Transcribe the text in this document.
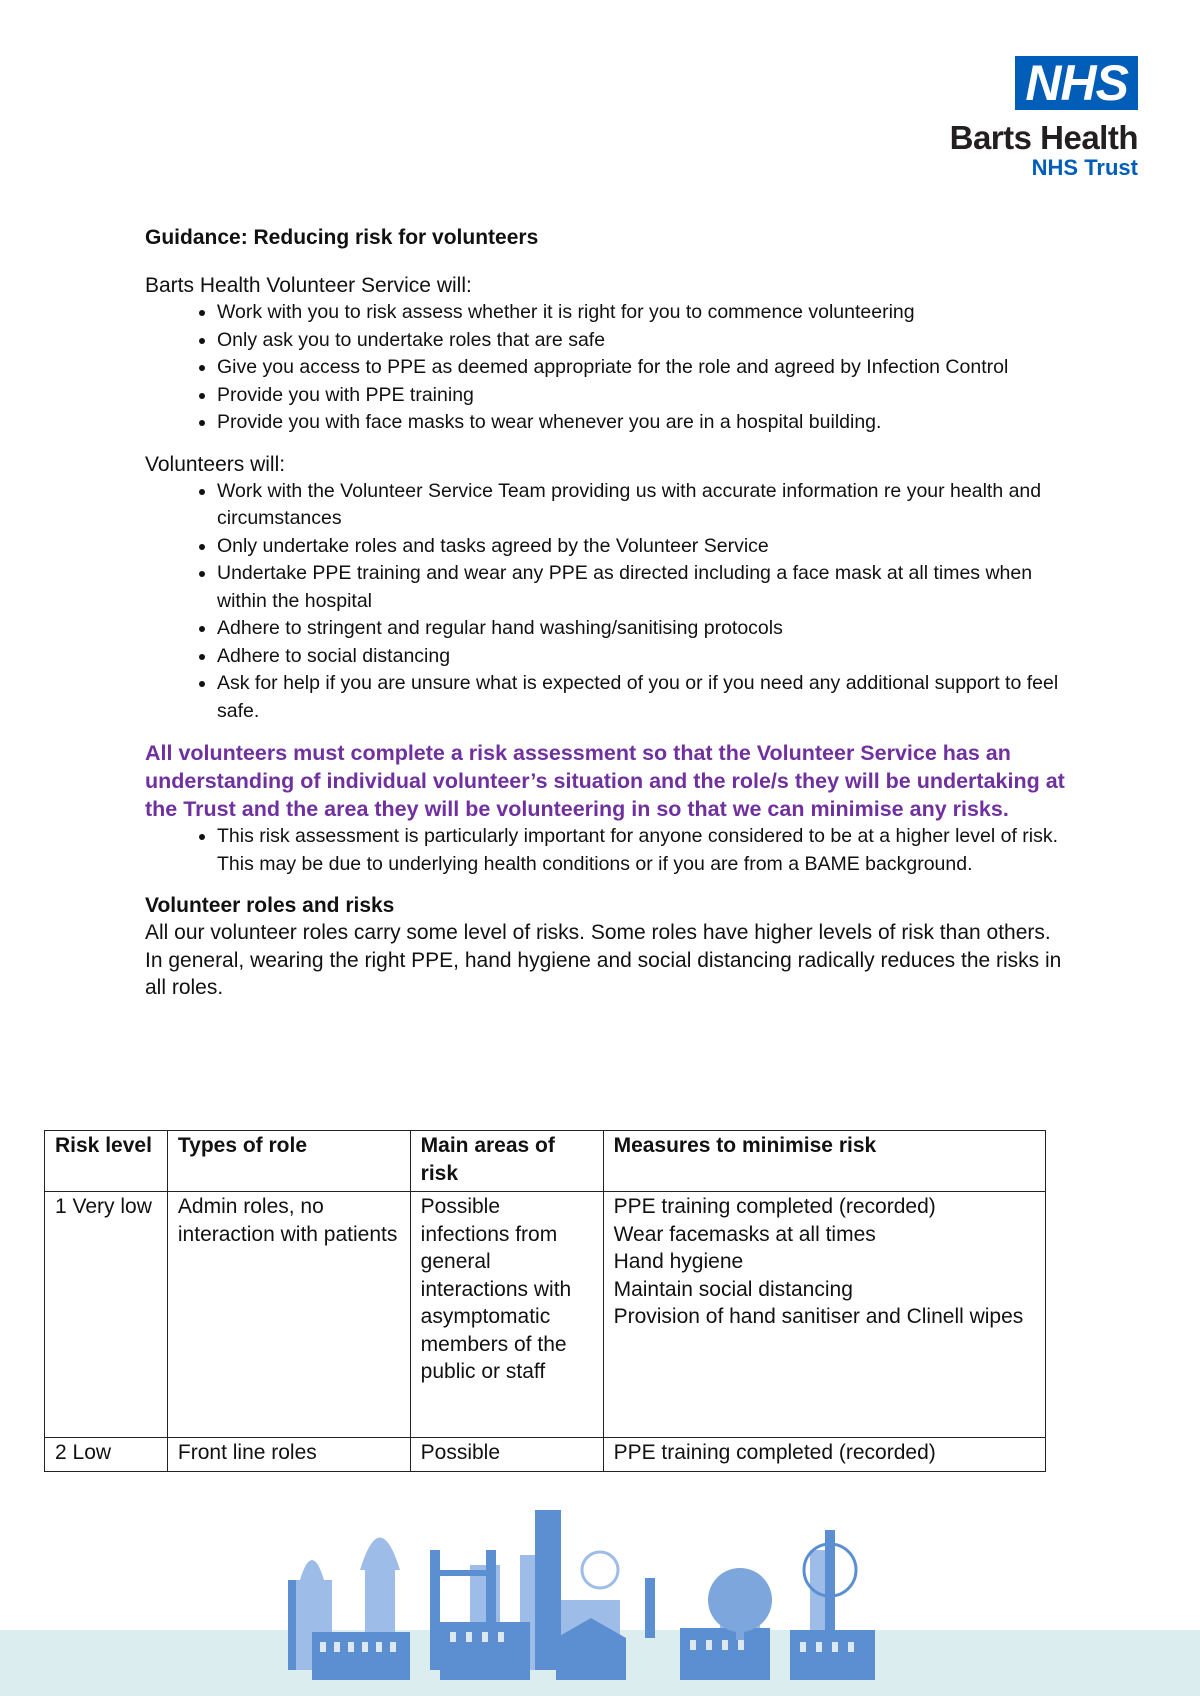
NHS
Barts Health
NHS Trust
Guidance: Reducing risk for volunteers

Barts Health Volunteer Service will:

• Work with you to risk assess whether it is right for you to commence volunteering
• Only ask you to undertake roles that are safe
• Give you access to PPE as deemed appropriate for the role and agreed by Infection Control
• Provide you with PPE training
• Provide you with face masks to wear whenever you are in a hospital building.

Volunteers will:

• Work with the Volunteer Service Team providing us with accurate information re your health and circumstances
• Only undertake roles and tasks agreed by the Volunteer Service
• Undertake PPE training and wear any PPE as directed including a face mask at all times when within the hospital
• Adhere to stringent and regular hand washing/sanitising protocols
• Adhere to social distancing
• Ask for help if you are unsure what is expected of you or if you need any additional support to feel safe.

All volunteers must complete a risk assessment so that the Volunteer Service has an understanding of individual volunteer’s situation and the role/s they will be undertaking at the Trust and the area they will be volunteering in so that we can minimise any risks.

• This risk assessment is particularly important for anyone considered to be at a higher level of risk. This may be due to underlying health conditions or if you are from a BAME background.
Volunteer roles and risks

All our volunteer roles carry some level of risks. Some roles have higher levels of risk than others. In general, wearing the right PPE, hand hygiene and social distancing radically reduces the risks in all roles.

Risk level	Types of role	Main areas of risk	Measures to minimise risk
1 Very low	Admin roles, no interaction with patients	Possible infections from general interactions with asymptomatic members of the public or staff	PPE training completed (recorded)
Wear facemasks at all times
Hand hygiene
Maintain social distancing
Provision of hand sanitiser and Clinell wipes

2 Low	Front line roles	Possible	PPE training completed (recorded)
